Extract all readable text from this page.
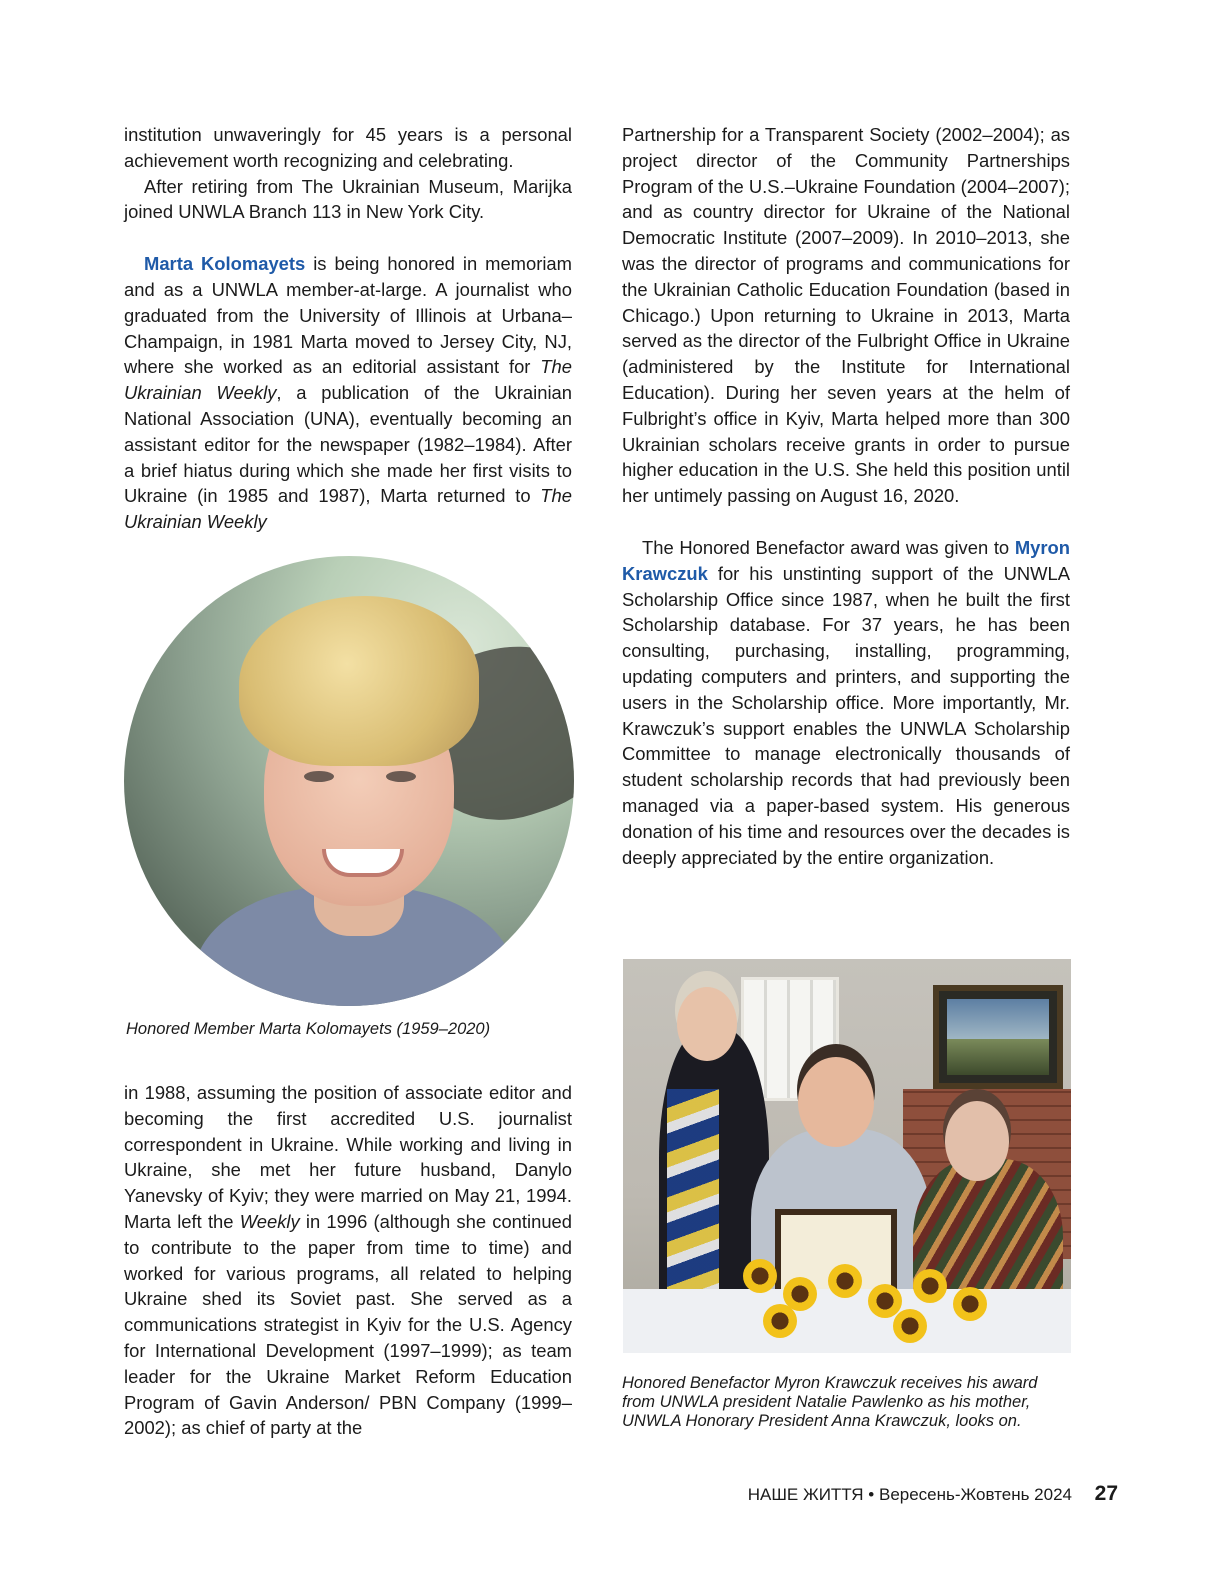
institution unwaveringly for 45 years is a personal achievement worth recognizing and celebrating.

After retiring from The Ukrainian Museum, Marijka joined UNWLA Branch 113 in New York City.

Marta Kolomayets is being honored in memoriam and as a UNWLA member-at-large. A journalist who graduated from the University of Illinois at Urbana–Champaign, in 1981 Marta moved to Jersey City, NJ, where she worked as an editorial assistant for The Ukrainian Weekly, a publication of the Ukrainian National Association (UNA), eventually becoming an assistant editor for the newspaper (1982–1984). After a brief hiatus during which she made her first visits to Ukraine (in 1985 and 1987), Marta returned to The Ukrainian Weekly

Honored Member Marta Kolomayets (1959–2020)

in 1988, assuming the position of associate editor and becoming the first accredited U.S. journalist correspondent in Ukraine. While working and living in Ukraine, she met her future husband, Danylo Yanevsky of Kyiv; they were married on May 21, 1994. Marta left the Weekly in 1996 (although she continued to contribute to the paper from time to time) and worked for various programs, all related to helping Ukraine shed its Soviet past. She served as a communications strategist in Kyiv for the U.S. Agency for International Development (1997–1999); as team leader for the Ukraine Market Reform Education Program of Gavin Anderson/ PBN Company (1999–2002); as chief of party at the

Partnership for a Transparent Society (2002–2004); as project director of the Community Partnerships Program of the U.S.–Ukraine Foundation (2004–2007); and as country director for Ukraine of the National Democratic Institute (2007–2009). In 2010–2013, she was the director of programs and communications for the Ukrainian Catholic Education Foundation (based in Chicago.) Upon returning to Ukraine in 2013, Marta served as the director of the Fulbright Office in Ukraine (administered by the Institute for International Education). During her seven years at the helm of Fulbright’s office in Kyiv, Marta helped more than 300 Ukrainian scholars receive grants in order to pursue higher education in the U.S. She held this position until her untimely passing on August 16, 2020.

The Honored Benefactor award was given to Myron Krawczuk for his unstinting support of the UNWLA Scholarship Office since 1987, when he built the first Scholarship database. For 37 years, he has been consulting, purchasing, installing, programming, updating computers and printers, and supporting the users in the Scholarship office. More importantly, Mr. Krawczuk’s support enables the UNWLA Scholarship Committee to manage electronically thousands of student scholarship records that had previously been managed via a paper-based system. His generous donation of his time and resources over the decades is deeply appreciated by the entire organization.

Honored Benefactor Myron Krawczuk receives his award from UNWLA president Natalie Pawlenko as his mother, UNWLA Honorary President Anna Krawczuk, looks on.
НАШЕ ЖИТТЯ • Вересень-Жовтень 2024 27
